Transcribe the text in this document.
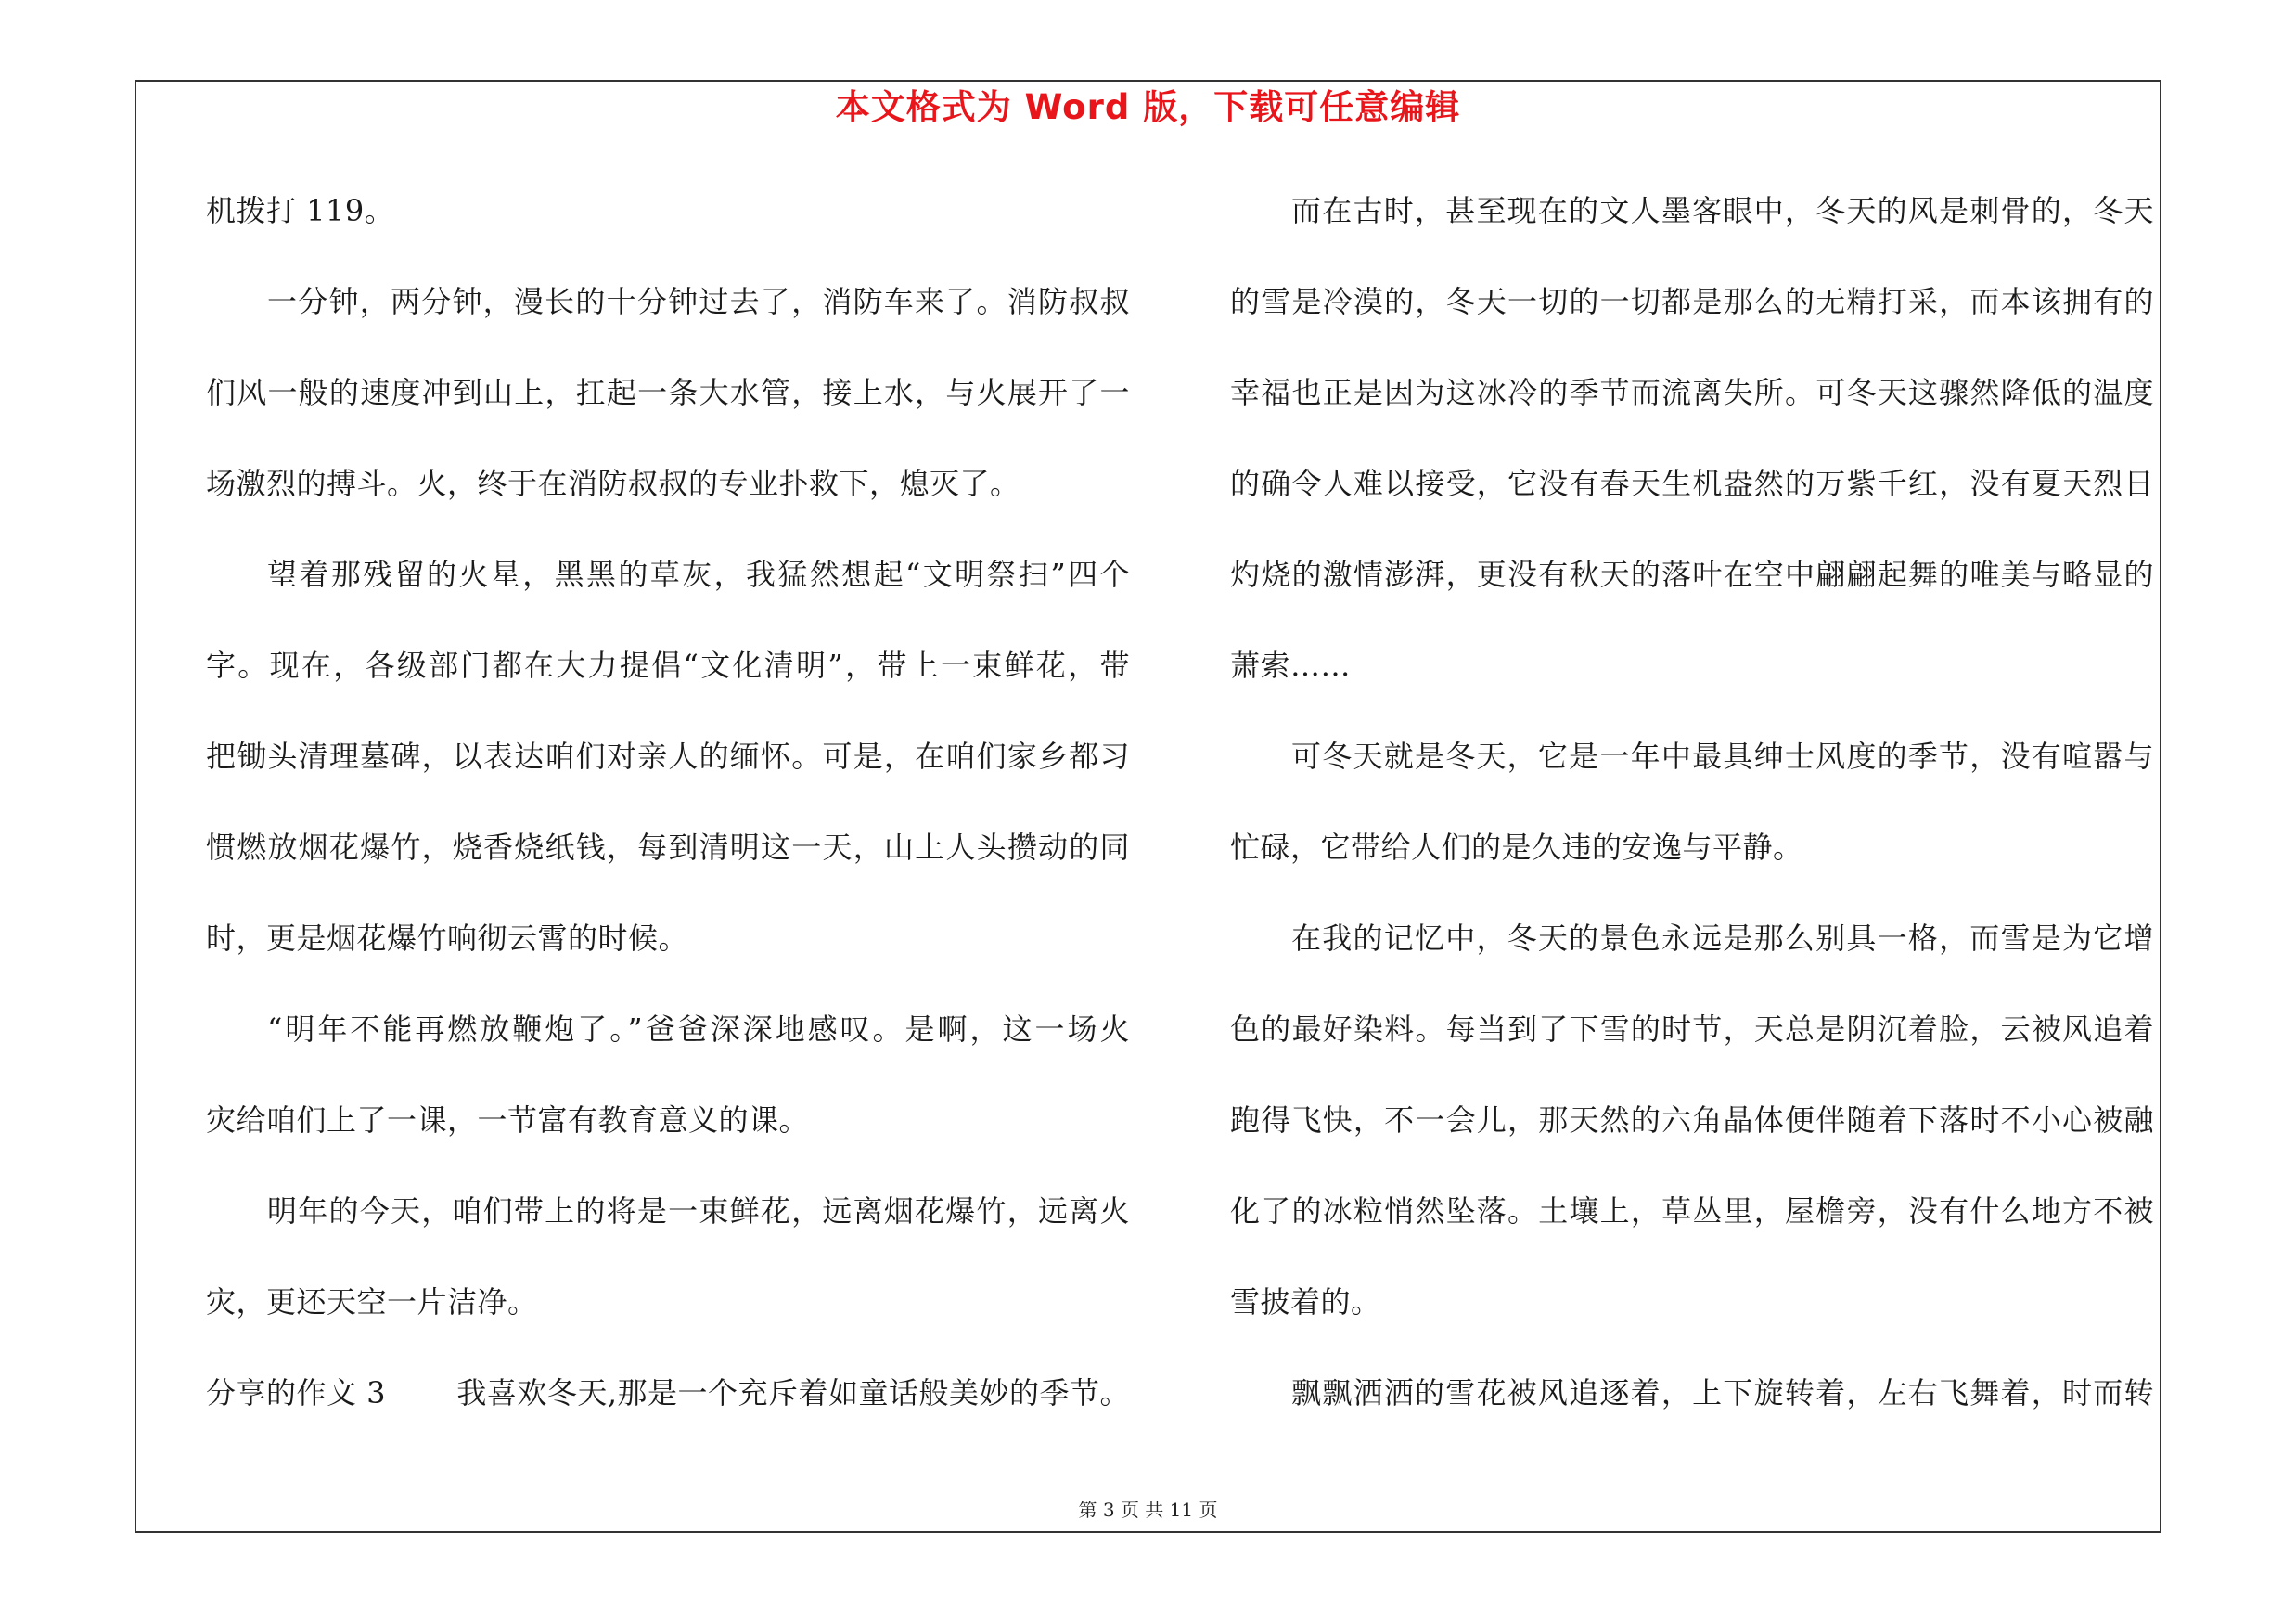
本文格式为 Word 版，下载可任意编辑
机拨打 119。
一分钟，两分钟，漫长的十分钟过去了，消防车来了。消防叔叔
们风一般的速度冲到山上，扛起一条大水管，接上水，与火展开了一
场激烈的搏斗。火，终于在消防叔叔的专业扑救下，熄灭了。
望着那残留的火星，黑黑的草灰，我猛然想起“文明祭扫”四个
字。现在，各级部门都在大力提倡“文化清明”，带上一束鲜花，带
把锄头清理墓碑，以表达咱们对亲人的缅怀。可是，在咱们家乡都习
惯燃放烟花爆竹，烧香烧纸钱，每到清明这一天，山上人头攒动的同
时，更是烟花爆竹响彻云霄的时候。
“明年不能再燃放鞭炮了。”爸爸深深地感叹。是啊，这一场火
灾给咱们上了一课，一节富有教育意义的课。
明年的今天，咱们带上的将是一束鲜花，远离烟花爆竹，远离火
灾，更还天空一片洁净。
分享的作文 3 我喜欢冬天,那是一个充斥着如童话般美妙的季节。
而在古时，甚至现在的文人墨客眼中，冬天的风是刺骨的，冬天
的雪是冷漠的，冬天一切的一切都是那么的无精打采，而本该拥有的
幸福也正是因为这冰冷的季节而流离失所。可冬天这骤然降低的温度
的确令人难以接受，它没有春天生机盎然的万紫千红，没有夏天烈日
灼烧的激情澎湃，更没有秋天的落叶在空中翩翩起舞的唯美与略显的
萧索……
可冬天就是冬天，它是一年中最具绅士风度的季节，没有喧嚣与
忙碌，它带给人们的是久违的安逸与平静。
在我的记忆中，冬天的景色永远是那么别具一格，而雪是为它增
色的最好染料。每当到了下雪的时节，天总是阴沉着脸，云被风追着
跑得飞快，不一会儿，那天然的六角晶体便伴随着下落时不小心被融
化了的冰粒悄然坠落。土壤上，草丛里，屋檐旁，没有什么地方不被
雪披着的。
飘飘洒洒的雪花被风追逐着，上下旋转着，左右飞舞着，时而转
第 3 页 共 11 页
